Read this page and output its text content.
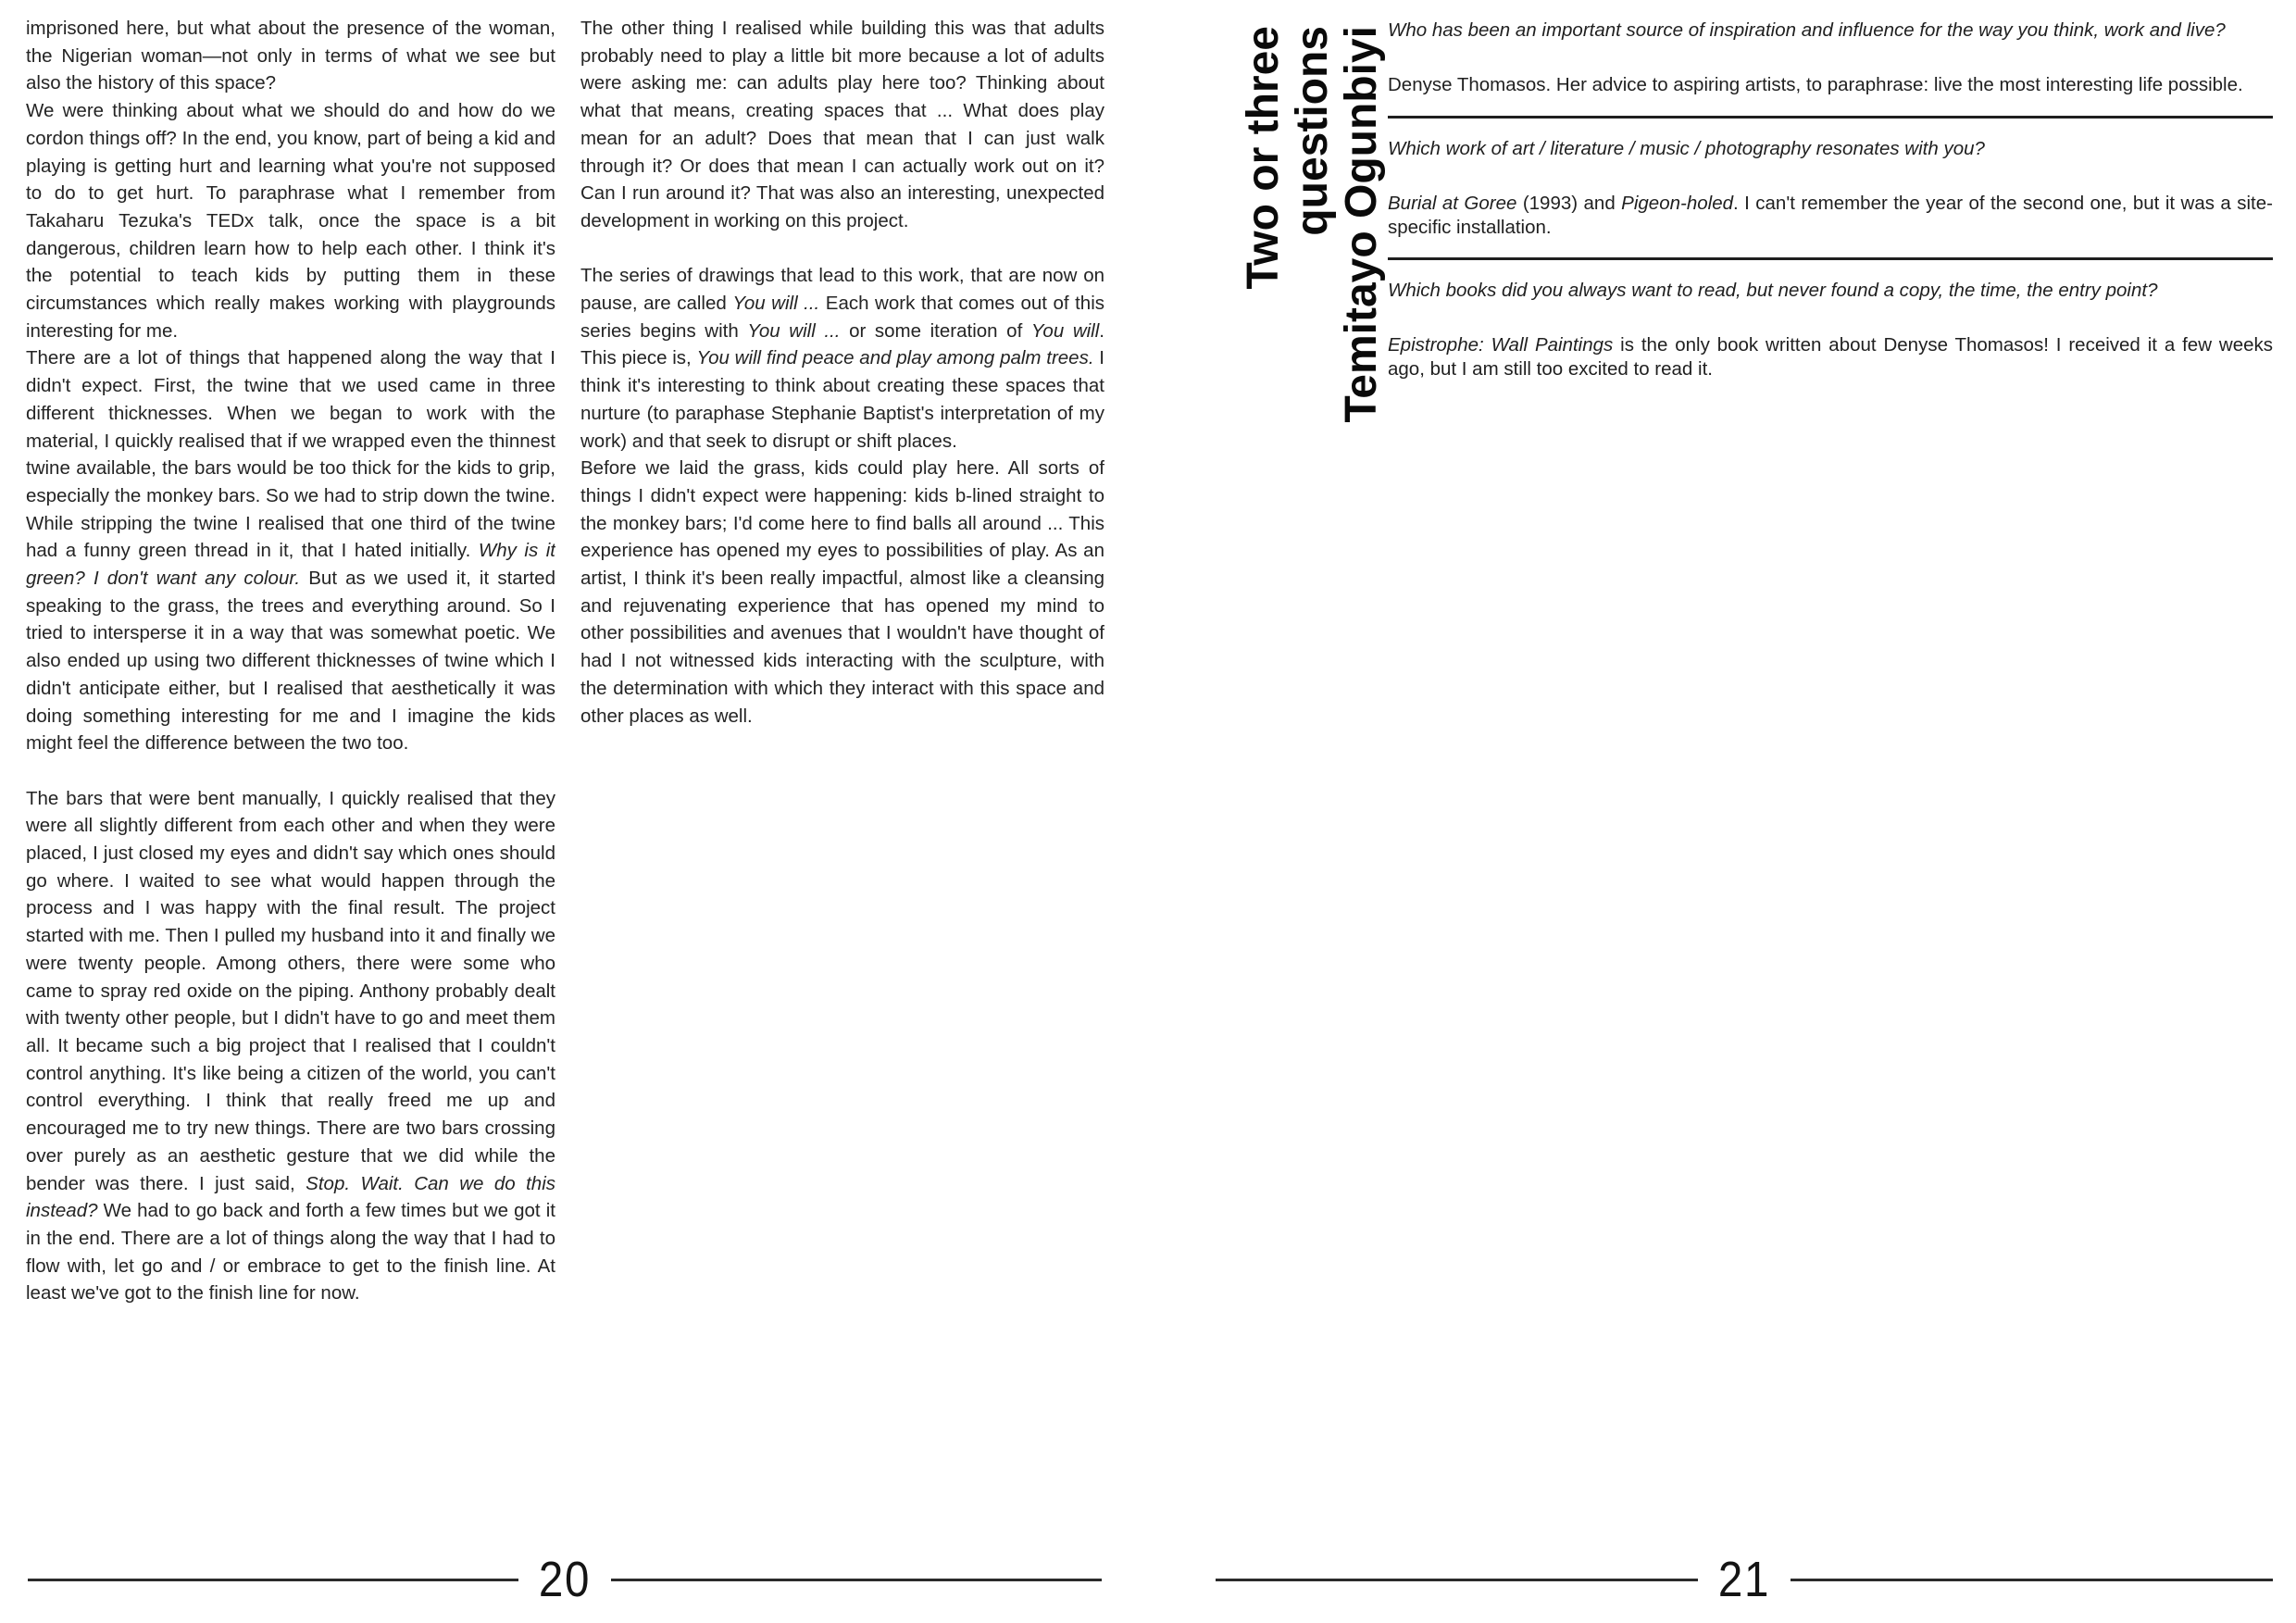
imprisoned here, but what about the presence of the woman, the Nigerian woman—not only in terms of what we see but also the history of this space?

We were thinking about what we should do and how do we cordon things off? In the end, you know, part of being a kid and playing is getting hurt and learning what you're not supposed to do to get hurt. To paraphrase what I remember from Takaharu Tezuka's TEDx talk, once the space is a bit dangerous, children learn how to help each other. I think it's the potential to teach kids by putting them in these circumstances which really makes working with playgrounds interesting for me.

There are a lot of things that happened along the way that I didn't expect. First, the twine that we used came in three different thicknesses. When we began to work with the material, I quickly realised that if we wrapped even the thinnest twine available, the bars would be too thick for the kids to grip, especially the monkey bars. So we had to strip down the twine. While stripping the twine I realised that one third of the twine had a funny green thread in it, that I hated initially. Why is it green? I don't want any colour. But as we used it, it started speaking to the grass, the trees and everything around. So I tried to intersperse it in a way that was somewhat poetic. We also ended up using two different thicknesses of twine which I didn't anticipate either, but I realised that aesthetically it was doing something interesting for me and I imagine the kids might feel the difference between the two too.

The bars that were bent manually, I quickly realised that they were all slightly different from each other and when they were placed, I just closed my eyes and didn't say which ones should go where. I waited to see what would happen through the process and I was happy with the final result. The project started with me. Then I pulled my husband into it and finally we were twenty people. Among others, there were some who came to spray red oxide on the piping. Anthony probably dealt with twenty other people, but I didn't have to go and meet them all. It became such a big project that I realised that I couldn't control anything. It's like being a citizen of the world, you can't control everything. I think that really freed me up and encouraged me to try new things. There are two bars crossing over purely as an aesthetic gesture that we did while the bender was there. I just said, Stop. Wait. Can we do this instead? We had to go back and forth a few times but we got it in the end. There are a lot of things along the way that I had to flow with, let go and / or embrace to get to the finish line. At least we've got to the finish line for now.

The other thing I realised while building this was that adults probably need to play a little bit more because a lot of adults were asking me: can adults play here too? Thinking about what that means, creating spaces that ... What does play mean for an adult? Does that mean that I can just walk through it? Or does that mean I can actually work out on it? Can I run around it? That was also an interesting, unexpected development in working on this project.

The series of drawings that lead to this work, that are now on pause, are called You will ... Each work that comes out of this series begins with You will ... or some iteration of You will. This piece is, You will find peace and play among palm trees. I think it's interesting to think about creating these spaces that nurture (to paraphase Stephanie Baptist's interpretation of my work) and that seek to disrupt or shift places.

Before we laid the grass, kids could play here. All sorts of things I didn't expect were happening: kids b-lined straight to the monkey bars; I'd come here to find balls all around ... This experience has opened my eyes to possibilities of play. As an artist, I think it's been really impactful, almost like a cleansing and rejuvenating experience that has opened my mind to other possibilities and avenues that I wouldn't have thought of had I not witnessed kids interacting with the sculpture, with the determination with which they interact with this space and other places as well.

20
Two or three questions Temitayo Ogunbiyi Who has been an important source of inspiration and influence for the way you think, work and live?

Denyse Thomasos. Her advice to aspiring artists, to paraphrase: live the most interesting life possible.

Which work of art / literature / music / photography resonates with you?

Burial at Goree (1993) and Pigeon-holed. I can't remember the year of the second one, but it was a site-specific installation.

Which books did you always want to read, but never found a copy, the time, the entry point?

Epistrophe: Wall Paintings is the only book written about Denyse Thomasos! I received it a few weeks ago, but I am still too excited to read it.

21
